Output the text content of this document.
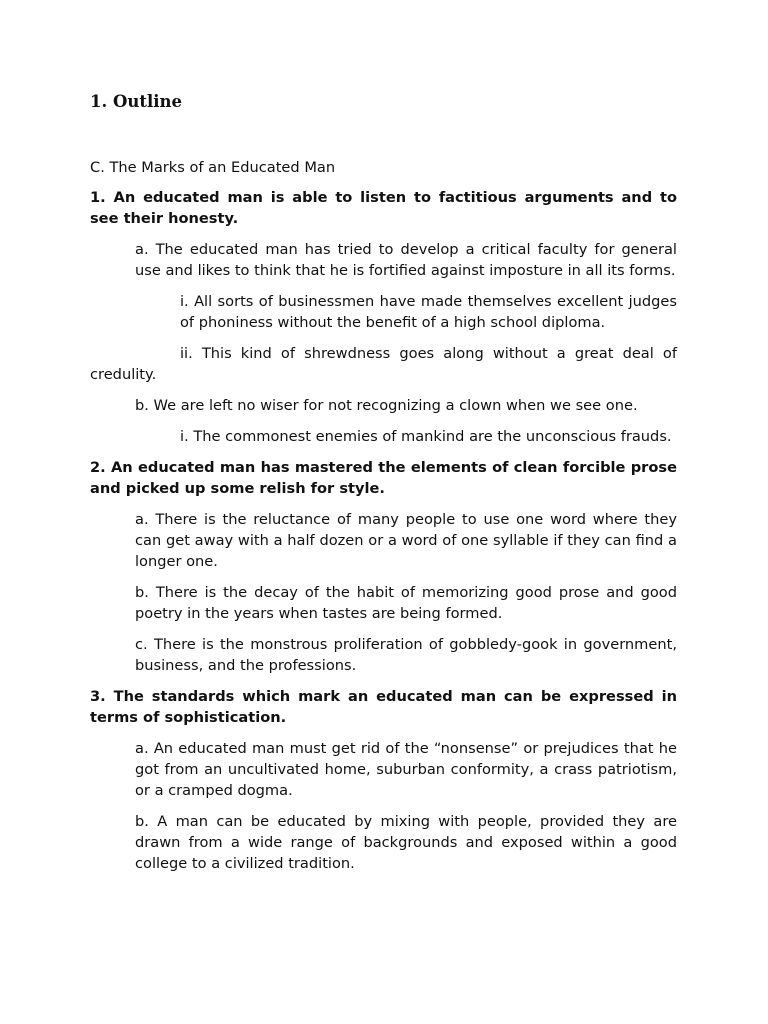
1. Outline

C. The Marks of an Educated Man

1. An educated man is able to listen to factitious arguments and to see their honesty.

a. The educated man has tried to develop a critical faculty for general use and likes to think that he is fortified against imposture in all its forms.

i. All sorts of businessmen have made themselves excellent judges of phoniness without the benefit of a high school diploma.

ii. This kind of shrewdness goes along without a great deal of credulity.

b. We are left no wiser for not recognizing a clown when we see one.

i. The commonest enemies of mankind are the unconscious frauds.

2. An educated man has mastered the elements of clean forcible prose and picked up some relish for style.

a. There is the reluctance of many people to use one word where they can get away with a half dozen or a word of one syllable if they can find a longer one.

b. There is the decay of the habit of memorizing good prose and good poetry in the years when tastes are being formed.

c. There is the monstrous proliferation of gobbledy-gook in government, business, and the professions.

3. The standards which mark an educated man can be expressed in terms of sophistication.

a. An educated man must get rid of the “nonsense” or prejudices that he got from an uncultivated home, suburban conformity, a crass patriotism, or a cramped dogma.

b. A man can be educated by mixing with people, provided they are drawn from a wide range of backgrounds and exposed within a good college to a civilized tradition.
